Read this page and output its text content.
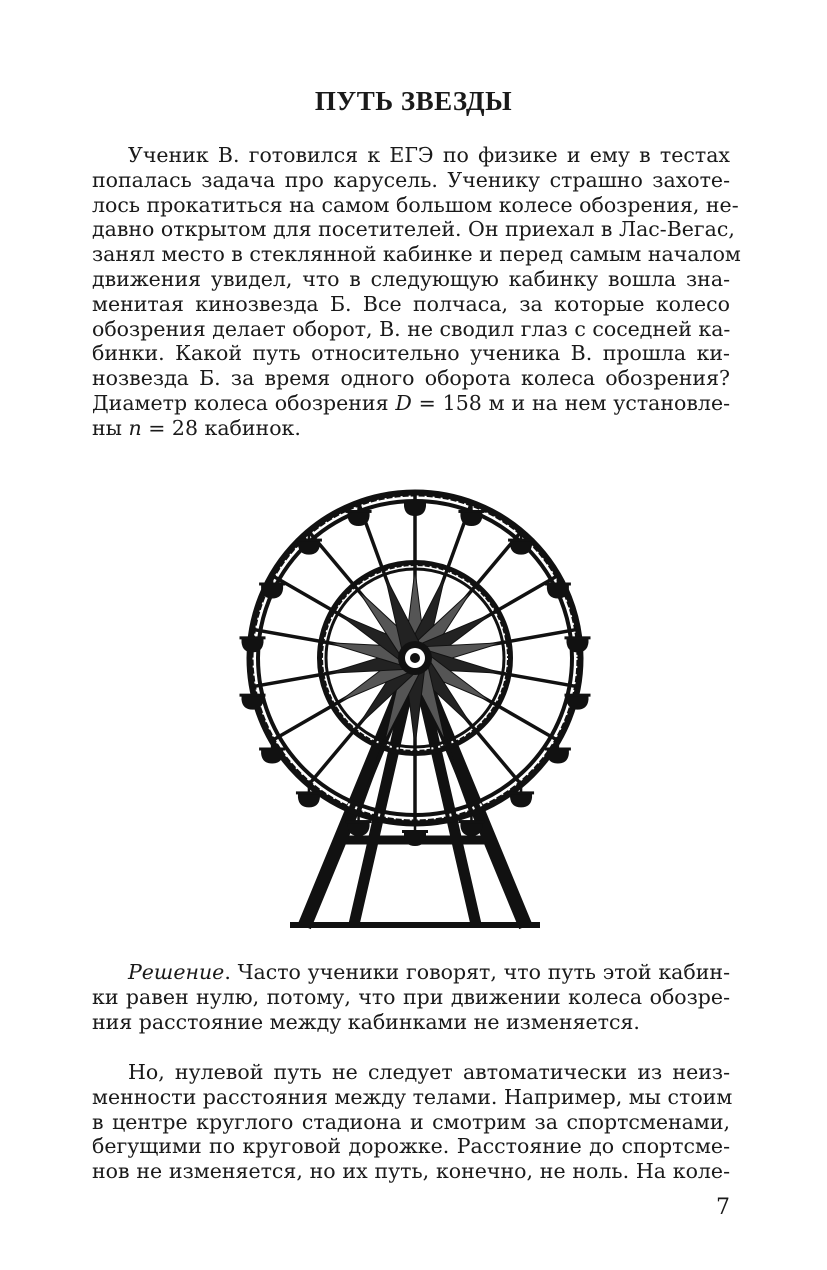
ПУТЬ ЗВЕЗДЫ
Ученик В. готовился к ЕГЭ по физике и ему в тестах
попалась задача про карусель. Ученику страшно захоте-
лось прокатиться на самом большом колесе обозрения, не-
давно открытом для посетителей. Он приехал в Лас-Вегас,
занял место в стеклянной кабинке и перед самым началом
движения увидел, что в следующую кабинку вошла зна-
менитая кинозвезда Б. Все полчаса, за которые колесо
обозрения делает оборот, В. не сводил глаз с соседней ка-
бинки. Какой путь относительно ученика В. прошла ки-
нозвезда Б. за время одного оборота колеса обозрения?
Диаметр колеса обозрения D = 158 м и на нем установле-
ны n = 28 кабинок.
Решение. Часто ученики говорят, что путь этой кабин-
ки равен нулю, потому, что при движении колеса обозре-
ния расстояние между кабинками не изменяется.
Но, нулевой путь не следует автоматически из неиз-
менности расстояния между телами. Например, мы стоим
в центре круглого стадиона и смотрим за спортсменами,
бегущими по круговой дорожке. Расстояние до спортсме-
нов не изменяется, но их путь, конечно, не ноль. На коле-
7
